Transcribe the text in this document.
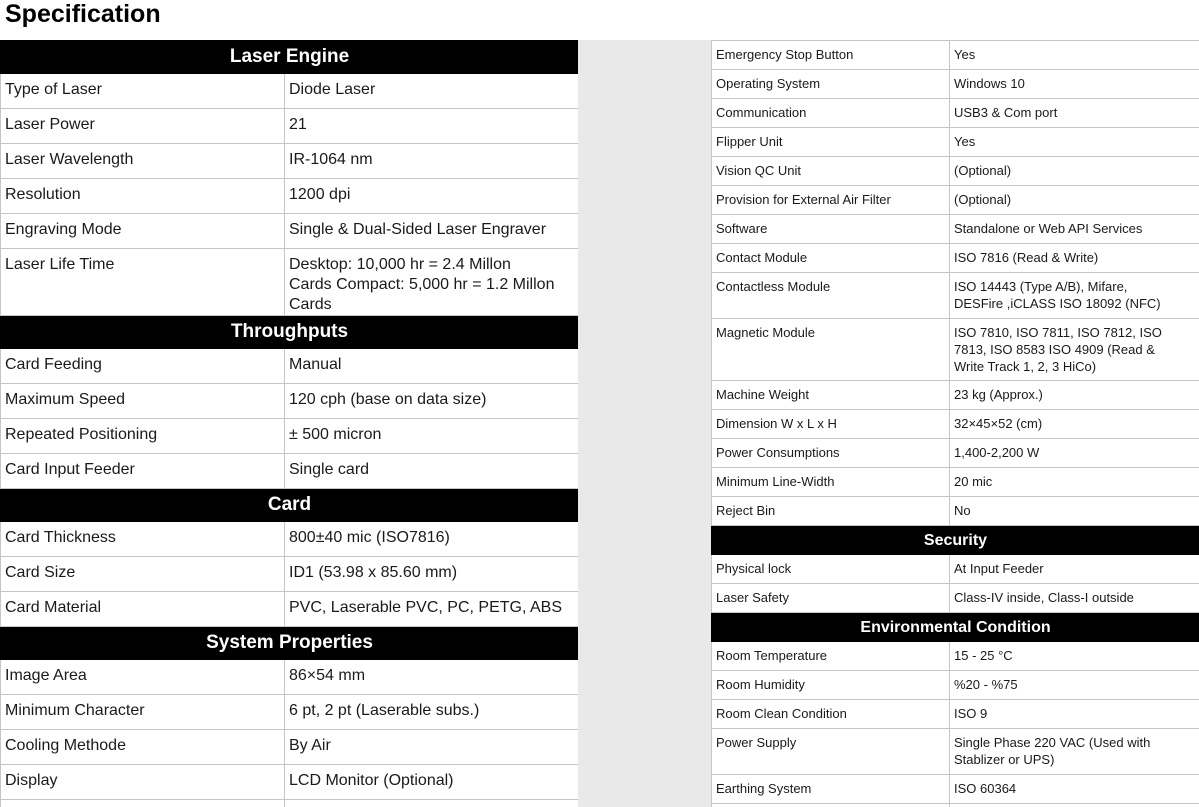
Specification
Laser Engine	
Type of Laser	Diode Laser
Laser Power	21
Laser Wavelength	IR-1064 nm
Resolution	1200 dpi
Engraving Mode	Single & Dual-Sided Laser Engraver
Laser Life Time	Desktop: 10,000 hr = 2.4 Millon
Cards Compact: 5,000 hr = 1.2 Millon
Cards
Throughputs	
Card Feeding	Manual
Maximum Speed	120 cph (base on data size)
Repeated Positioning	± 500 micron
Card Input Feeder	Single card
Card	
Card Thickness	800±40 mic (ISO7816)
Card Size	ID1 (53.98 x 85.60 mm)
Card Material	PVC, Laserable PVC, PC, PETG, ABS
System Properties	
Image Area	86×54 mm
Minimum Character	6 pt, 2 pt (Laserable subs.)
Cooling Methode	By Air
Display	LCD Monitor (Optional)

Emergency Stop Button	Yes
Operating System	Windows 10
Communication	USB3 & Com port
Flipper Unit	Yes
Vision QC Unit	(Optional)
Provision for External Air Filter	(Optional)
Software	Standalone or Web API Services
Contact Module	ISO 7816 (Read & Write)
Contactless Module	ISO 14443 (Type A/B), Mifare,
DESFire ,iCLASS ISO 18092 (NFC)
Magnetic Module	ISO 7810, ISO 7811, ISO 7812, ISO
7813, ISO 8583 ISO 4909 (Read &
Write Track 1, 2, 3 HiCo)
Machine Weight	23 kg (Approx.)
Dimension W x L x H	32×45×52 (cm)
Power Consumptions	1,400-2,200 W
Minimum Line-Width	20 mic
Reject Bin	No
Security	
Physical lock	At Input Feeder
Laser Safety	Class-IV inside, Class-I outside
Environmental Condition	
Room Temperature	15 - 25 °C
Room Humidity	%20 - %75
Room Clean Condition	ISO 9
Power Supply	Single Phase 220 VAC (Used with
Stablizer or UPS)
Earthing System	ISO 60364
